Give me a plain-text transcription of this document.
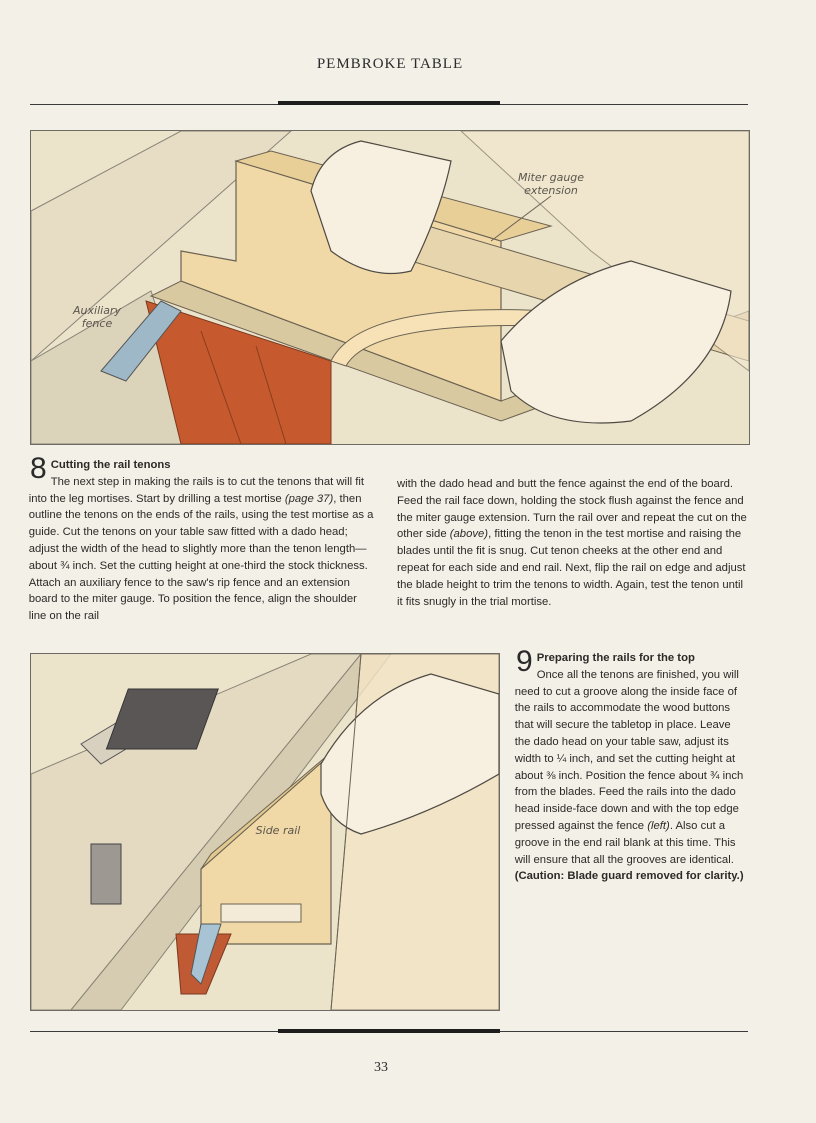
PEMBROKE TABLE
Miter gauge
extension
Auxiliary
fence
8 Cutting the rail tenons

The next step in making the rails is to cut the tenons that will fit into the leg mortises. Start by drilling a test mortise (page 37), then outline the tenons on the ends of the rails, using the test mortise as a guide. Cut the tenons on your table saw fitted with a dado head; adjust the width of the head to slightly more than the tenon length—about ¾ inch. Set the cutting height at one-third the stock thickness. Attach an auxiliary fence to the saw's rip fence and an extension board to the miter gauge. To position the fence, align the shoulder line on the rail

with the dado head and butt the fence against the end of the board. Feed the rail face down, holding the stock flush against the fence and the miter gauge extension. Turn the rail over and repeat the cut on the other side (above), fitting the tenon in the test mortise and raising the blades until the fit is snug. Cut tenon cheeks at the other end and repeat for each side and end rail. Next, flip the rail on edge and adjust the blade height to trim the tenons to width. Again, test the tenon until it fits snugly in the trial mortise.

Side rail
9 Preparing the rails for the top

Once all the tenons are finished, you will need to cut a groove along the inside face of the rails to accommodate the wood buttons that will secure the tabletop in place. Leave the dado head on your table saw, adjust its width to ¼ inch, and set the cutting height at about ⅜ inch. Position the fence about ¾ inch from the blades. Feed the rails into the dado head inside-face down and with the top edge pressed against the fence (left). Also cut a groove in the end rail blank at this time. This will ensure that all the grooves are identical. (Caution: Blade guard removed for clarity.)

33
